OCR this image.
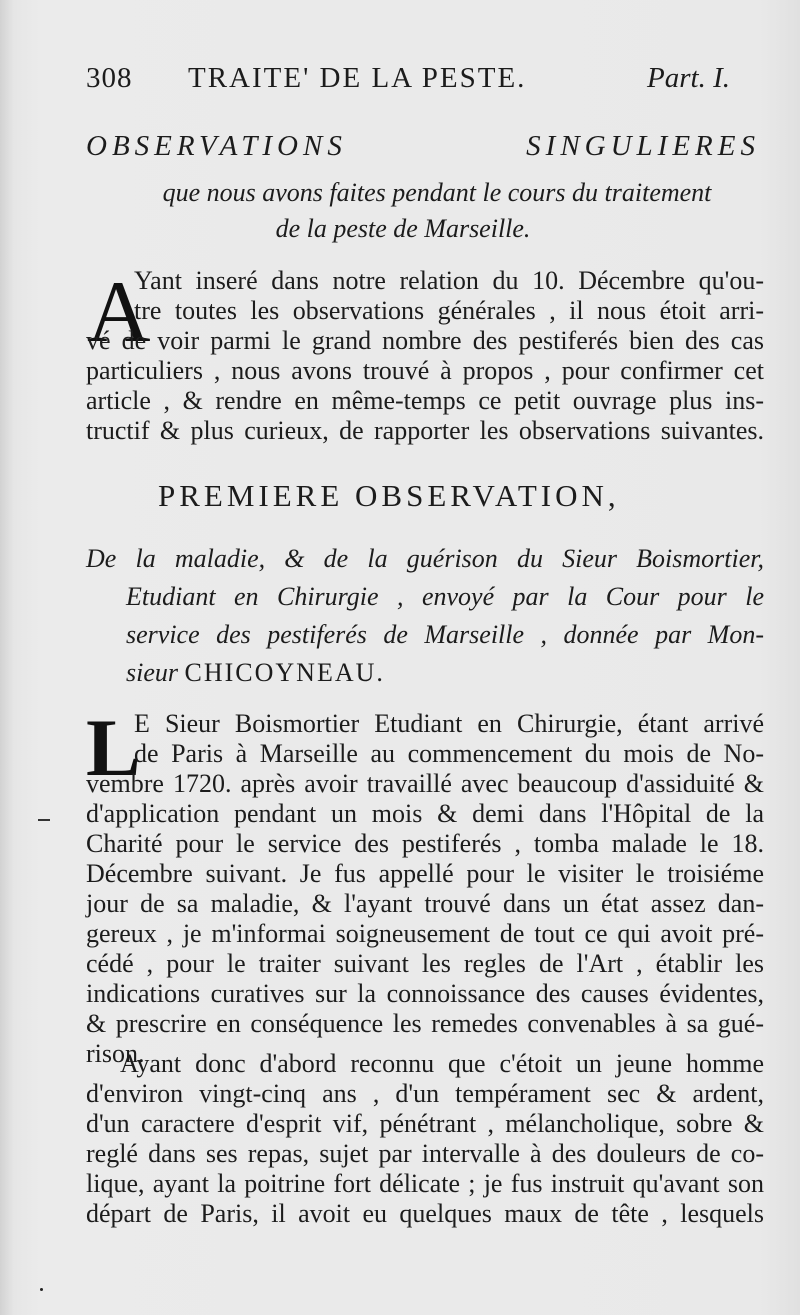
308 TRAITE' DE LA PESTE.	Part. I.
OBSERVATIONS	SINGULIERES
que nous avons faites pendant le cours du traitement
de la peste de Marseille.
A
Yant inseré dans notre relation du 10. Décembre qu'ou-
tre toutes les observations générales , il nous étoit arri-
vé de voir parmi le grand nombre des pestiferés bien des cas
particuliers , nous avons trouvé à propos , pour confirmer cet
article , & rendre en même-temps ce petit ouvrage plus ins-
tructif & plus curieux, de rapporter les observations suivantes.
PREMIERE OBSERVATION,
De la maladie, & de la guérison du Sieur Boismortier,
Etudiant en Chirurgie , envoyé par la Cour pour le
service des pestiferés de Marseille , donnée par Mon-
sieur CHICOYNEAU.
L
E Sieur Boismortier Etudiant en Chirurgie, étant arrivé
de Paris à Marseille au commencement du mois de No-
vembre 1720. après avoir travaillé avec beaucoup d'assiduité &
d'application pendant un mois & demi dans l'Hôpital de la
Charité pour le service des pestiferés , tomba malade le 18.
Décembre suivant. Je fus appellé pour le visiter le troisiéme
jour de sa maladie, & l'ayant trouvé dans un état assez dan-
gereux , je m'informai soigneusement de tout ce qui avoit pré-
cédé , pour le traiter suivant les regles de l'Art , établir les
indications curatives sur la connoissance des causes évidentes,
& prescrire en conséquence les remedes convenables à sa gué-
rison.
Ayant donc d'abord reconnu que c'étoit un jeune homme
d'environ vingt-cinq ans , d'un tempérament sec & ardent,
d'un caractere d'esprit vif, pénétrant , mélancholique, sobre &
reglé dans ses repas, sujet par intervalle à des douleurs de co-
lique, ayant la poitrine fort délicate ; je fus instruit qu'avant son
départ de Paris, il avoit eu quelques maux de tête , lesquels
